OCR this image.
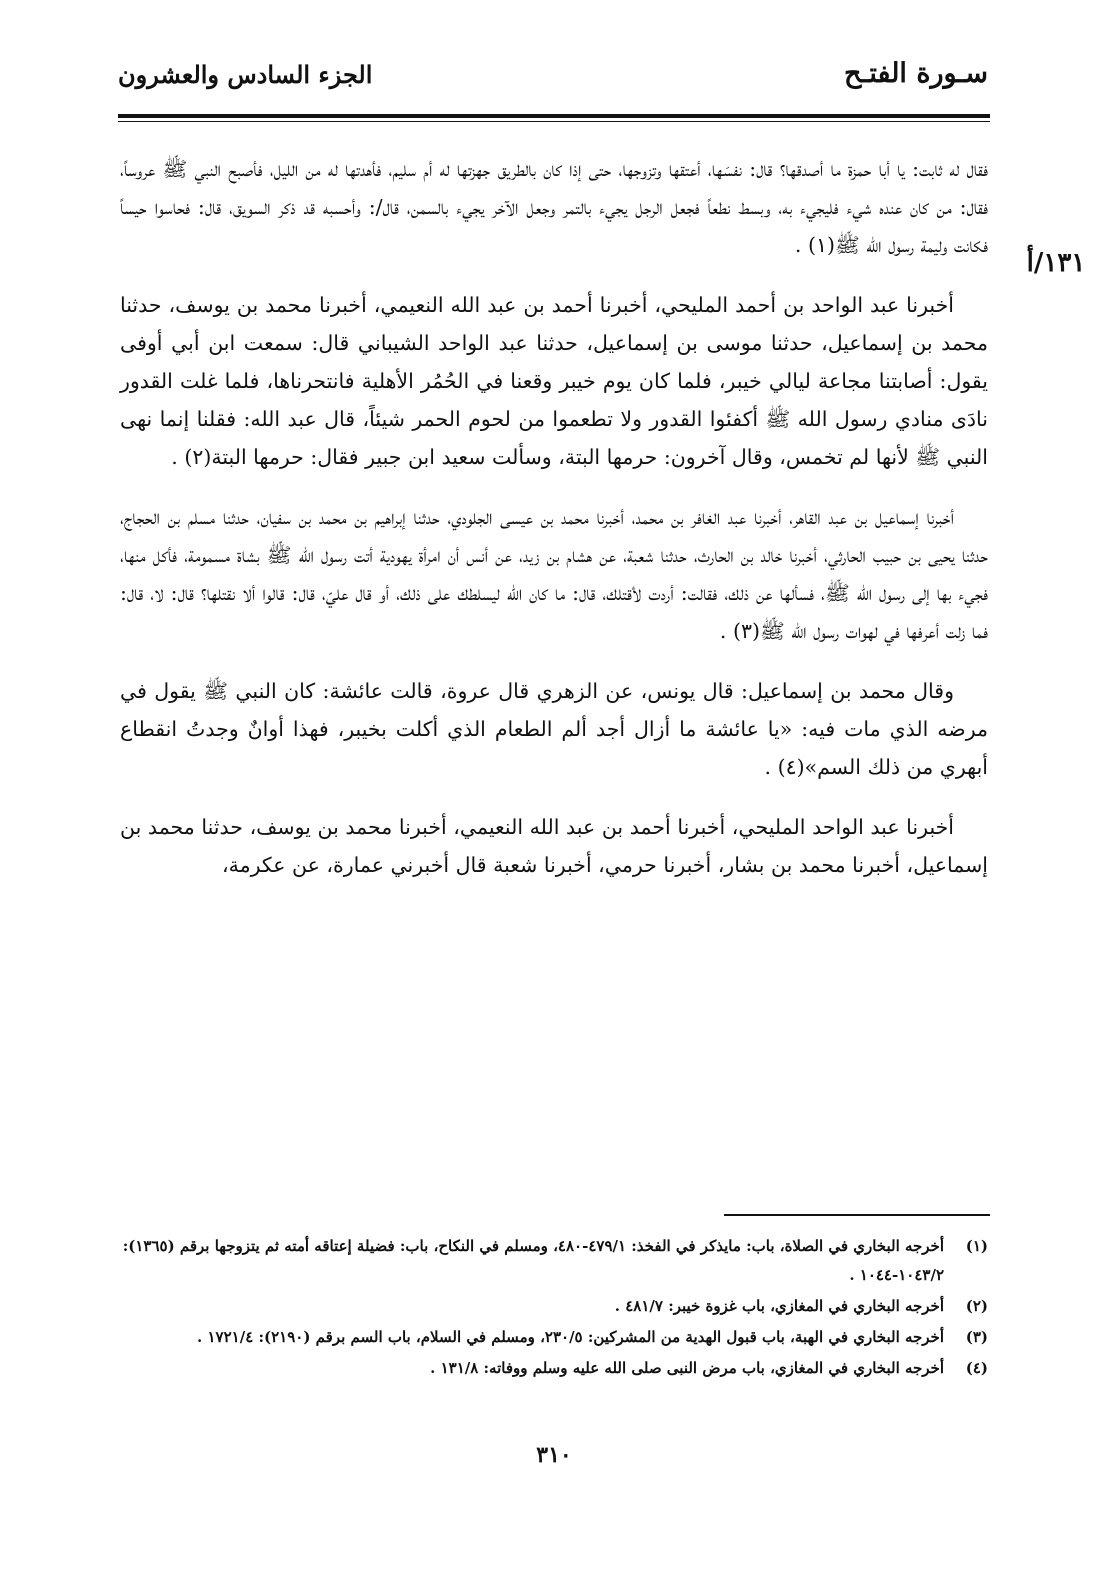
سـورة الفتـح
الجزء السادس والعشرون
١٣١/أ

فقال له ثابت: يا أبا حمزة ما أصدقها؟ قال: نفسَها، أعتقها وتزوجها، حتى إذا كان بالطريق جهزتها له أم سليم، فأهدتها له من الليل، فأصبح النبي ﷺ عروساً، فقال: من كان عنده شيء فليجيء به، وبسط نطعاً فجعل الرجل يجيء بالتمر وجعل الآخر يجيء بالسمن، قال/: وأحسبه قد ذكر السويق، قال: فحاسوا حيساً فكانت وليمة رسول الله ﷺ(١) .

أخبرنا عبد الواحد بن أحمد المليحي، أخبرنا أحمد بن عبد الله النعيمي، أخبرنا محمد بن يوسف، حدثنا محمد بن إسماعيل، حدثنا موسى بن إسماعيل، حدثنا عبد الواحد الشيباني قال: سمعت ابن أبي أوفى يقول: أصابتنا مجاعة ليالي خيبر، فلما كان يوم خيبر وقعنا في الحُمُر الأهلية فانتحرناها، فلما غلت القدور نادَى منادي رسول الله ﷺ أكفئوا القدور ولا تطعموا من لحوم الحمر شيئاً، قال عبد الله: فقلنا إنما نهى النبي ﷺ لأنها لم تخمس، وقال آخرون: حرمها البتة، وسألت سعيد ابن جبير فقال: حرمها البتة(٢) .

أخبرنا إسماعيل بن عبد القاهر، أخبرنا عبد الغافر بن محمد، أخبرنا محمد بن عيسى الجلودي، حدثنا إبراهيم بن محمد بن سفيان، حدثنا مسلم بن الحجاج، حدثنا يحيى بن حبيب الحارثي، أخبرنا خالد بن الحارث، حدثنا شعبة، عن هشام بن زيد، عن أنس أن امرأة يهودية أتت رسول الله ﷺ بشاة مسمومة، فأكل منها، فجيء بها إلى رسول الله ﷺ، فسألها عن ذلك، فقالت: أردت لأقتلك، قال: ما كان الله ليسلطك على ذلك، أو قال عليّ، قال: قالوا ألا نقتلها؟ قال: لا، قال: فما زلت أعرفها في لهوات رسول الله ﷺ(٣) .

وقال محمد بن إسماعيل: قال يونس، عن الزهري قال عروة، قالت عائشة: كان النبي ﷺ يقول في مرضه الذي مات فيه: «يا عائشة ما أزال أجد ألم الطعام الذي أكلت بخيبر، فهذا أوانٌ وجدتُ انقطاع أبهري من ذلك السم»(٤) .

أخبرنا عبد الواحد المليحي، أخبرنا أحمد بن عبد الله النعيمي، أخبرنا محمد بن يوسف، حدثنا محمد بن إسماعيل، أخبرنا محمد بن بشار، أخبرنا حرمي، أخبرنا شعبة قال أخبرني عمارة، عن عكرمة،

(١)
أخرجه البخاري في الصلاة، باب: مايذكر في الفخذ: ٤٧٩/١-٤٨٠، ومسلم في النكاح، باب: فضيلة إعتاقه أمته ثم يتزوجها برقم (١٣٦٥): ١٠٤٣/٢-١٠٤٤ .
(٢)
أخرجه البخاري في المغازي، باب غزوة خيبر: ٤٨١/٧ .
(٣)
أخرجه البخاري في الهبة، باب قبول الهدية من المشركين: ٢٣٠/٥، ومسلم في السلام، باب السم برقم (٢١٩٠): ١٧٢١/٤ .
(٤)
أخرجه البخاري في المغازي، باب مرض النبى صلى الله عليه وسلم ووفاته: ١٣١/٨ .
٣١٠
